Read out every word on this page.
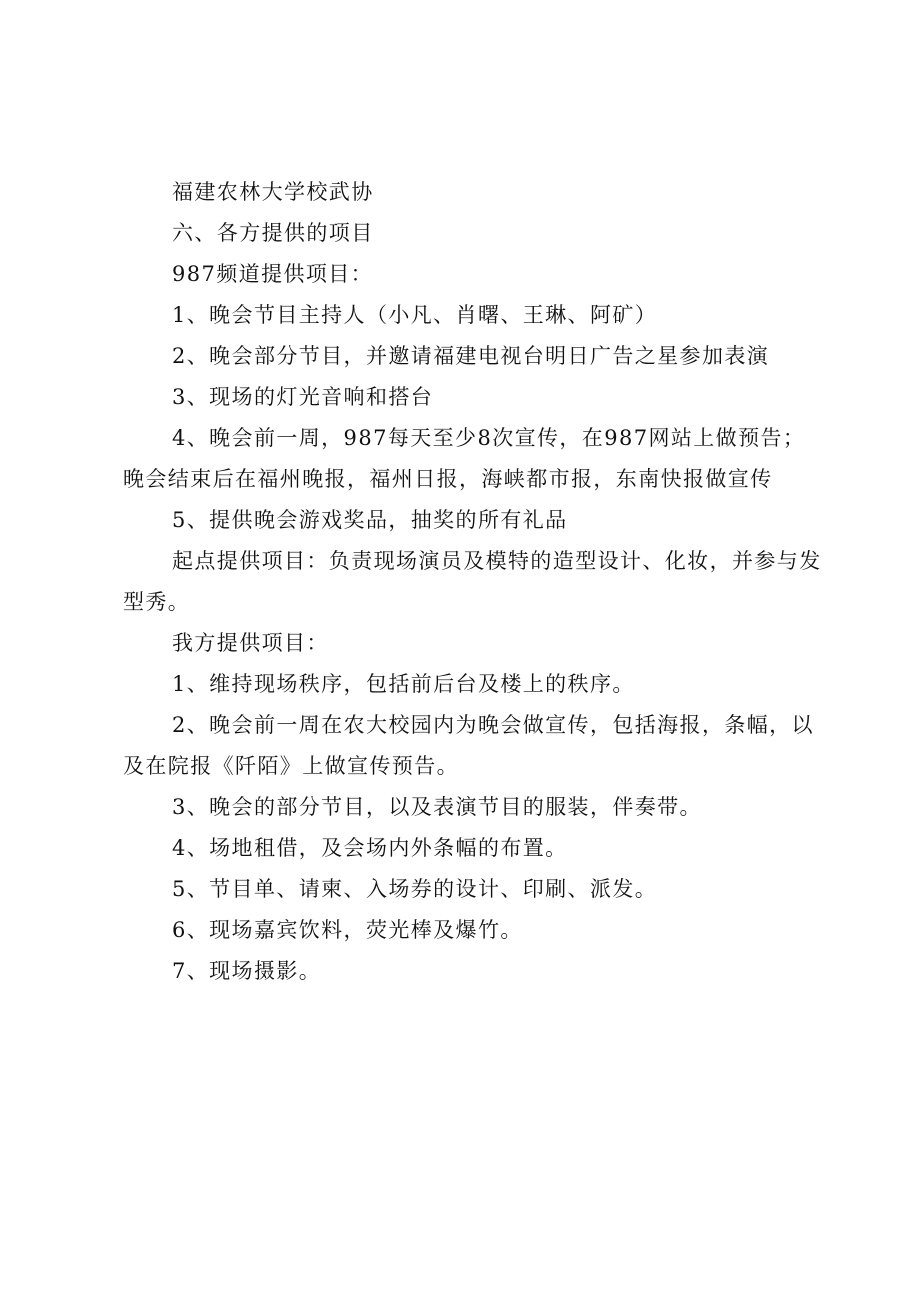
福建农林大学校武协

六、各方提供的项目

987频道提供项目：

1、晚会节目主持人（小凡、肖曙、王琳、阿矿）

2、晚会部分节目，并邀请福建电视台明日广告之星参加表演

3、现场的灯光音响和搭台

4、晚会前一周，987每天至少8次宣传，在987网站上做预告；晚会结束后在福州晚报，福州日报，海峡都市报，东南快报做宣传

5、提供晚会游戏奖品，抽奖的所有礼品

起点提供项目：负责现场演员及模特的造型设计、化妆，并参与发型秀。

我方提供项目：

1、维持现场秩序，包括前后台及楼上的秩序。

2、晚会前一周在农大校园内为晚会做宣传，包括海报，条幅，以及在院报《阡陌》上做宣传预告。

3、晚会的部分节目，以及表演节目的服装，伴奏带。

4、场地租借，及会场内外条幅的布置。

5、节目单、请柬、入场券的设计、印刷、派发。

6、现场嘉宾饮料，荧光棒及爆竹。

7、现场摄影。
